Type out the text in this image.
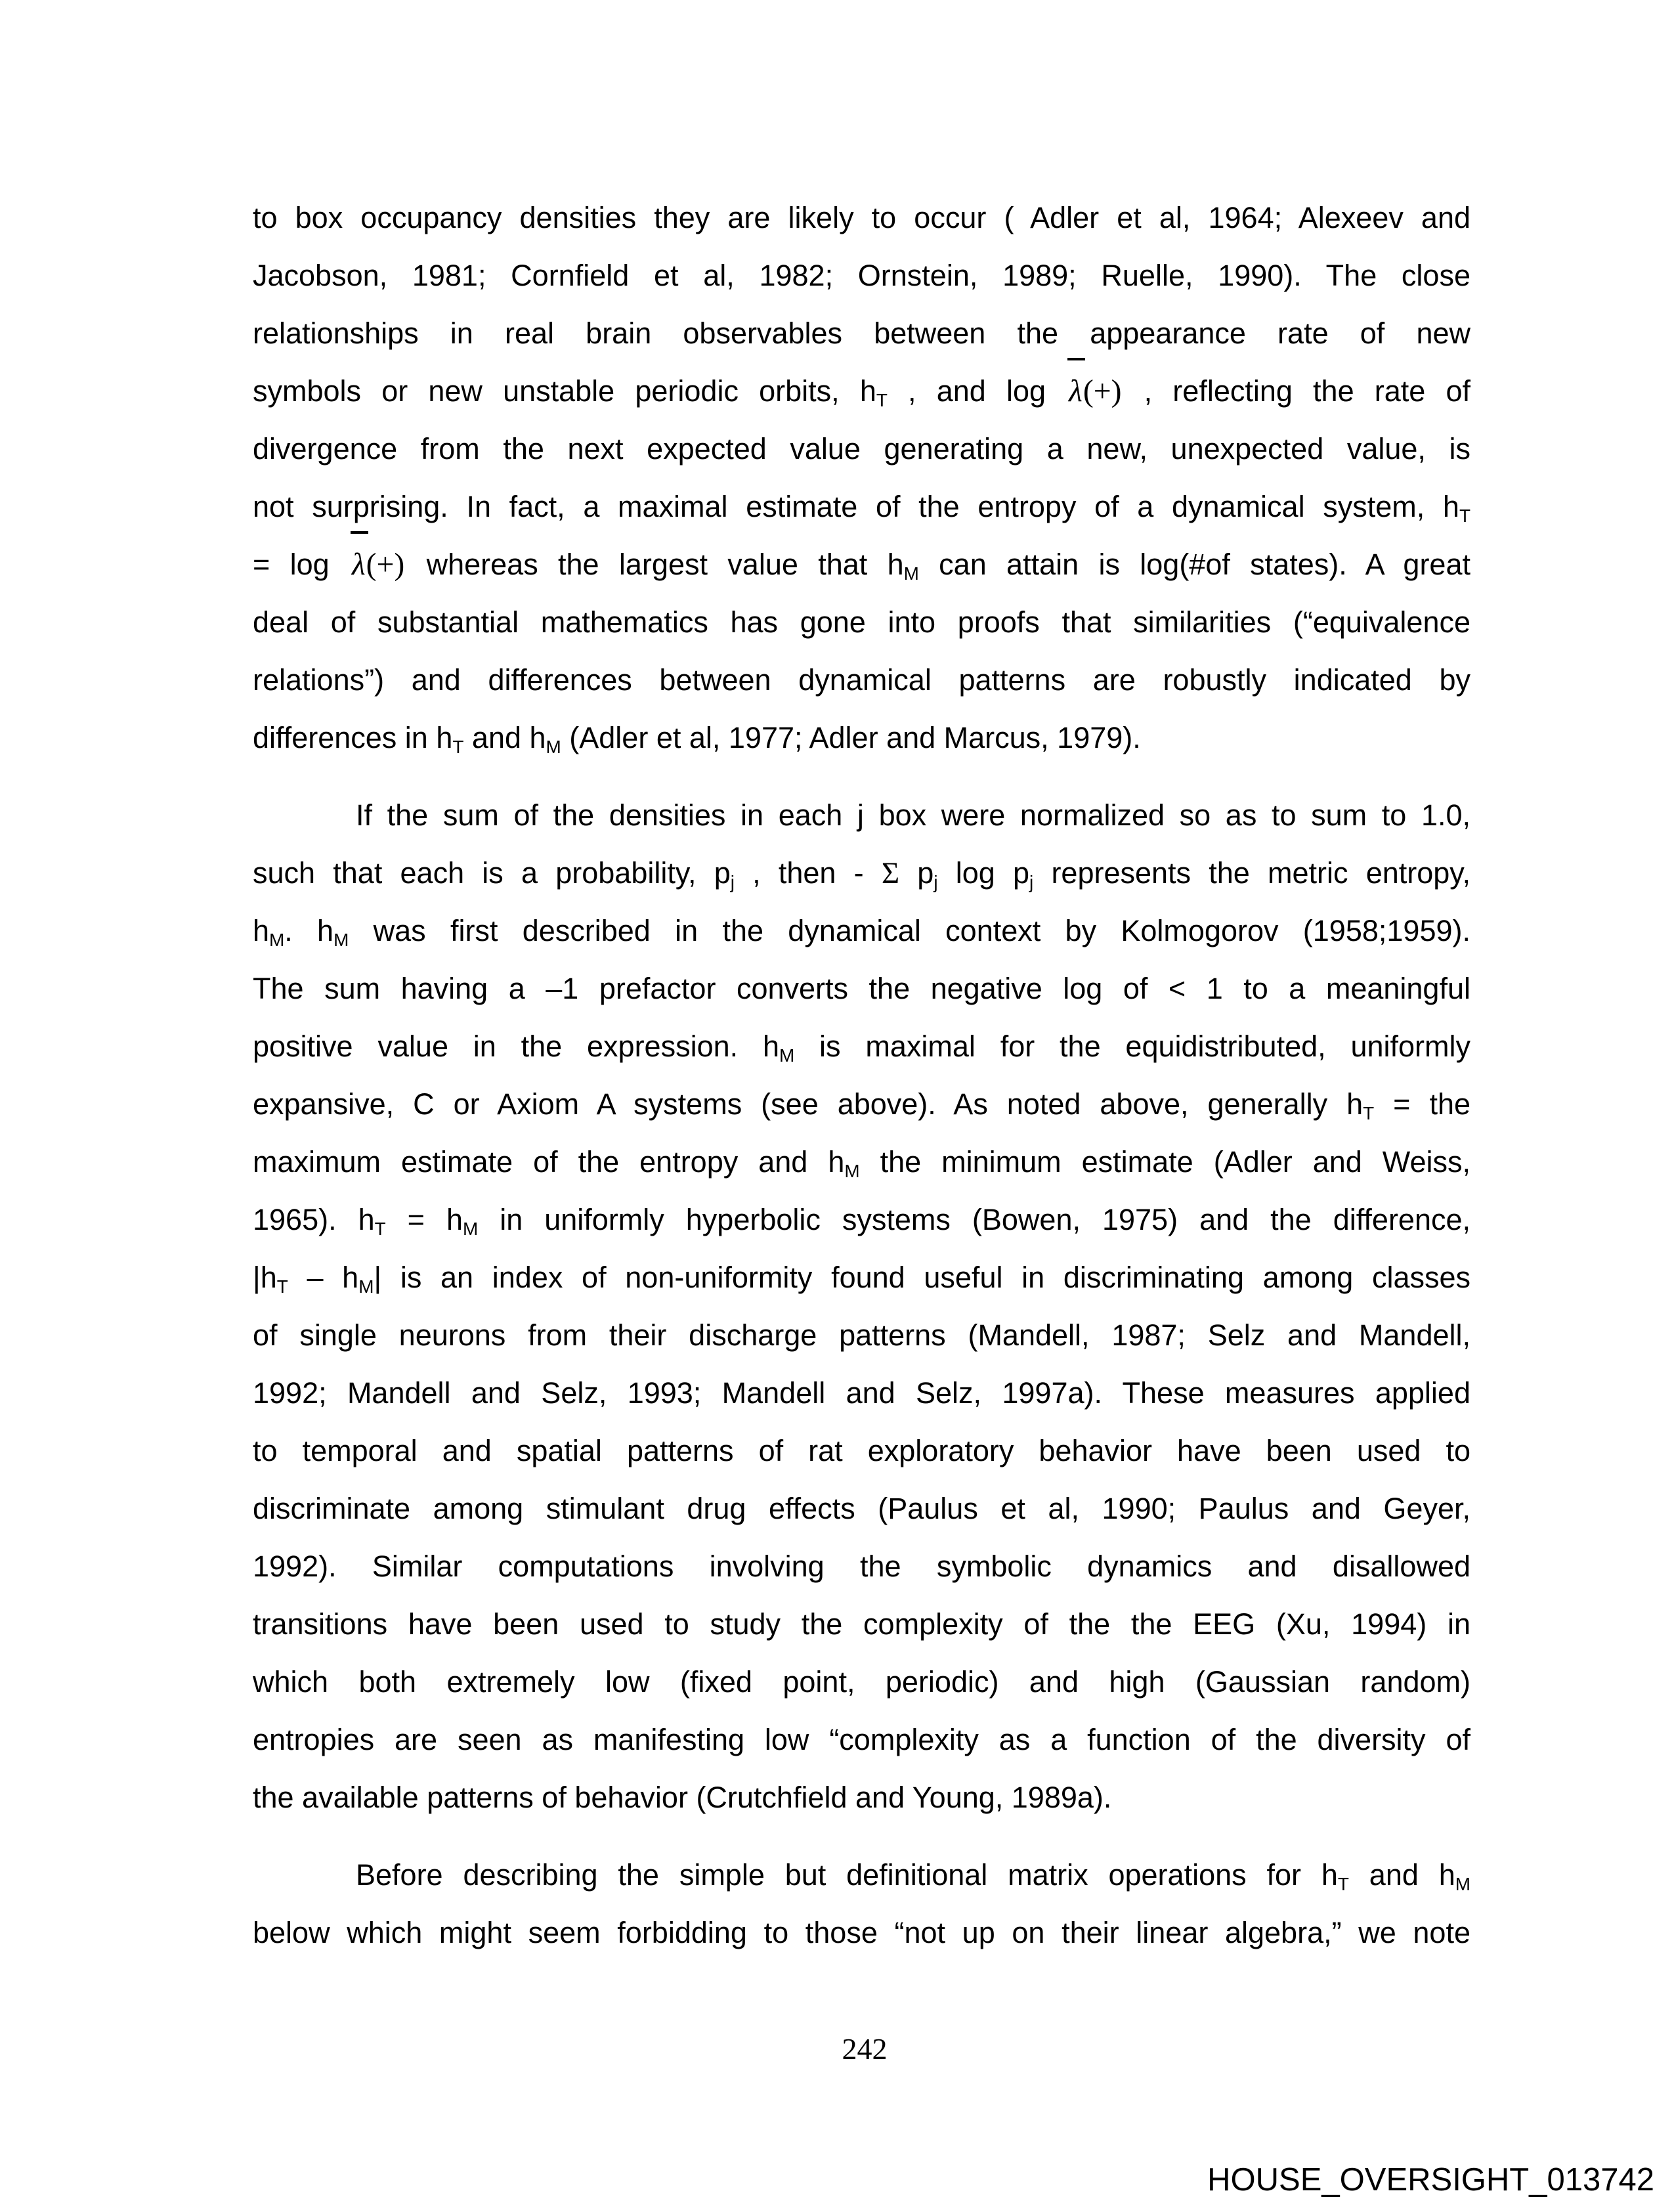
to box occupancy densities they are likely to occur ( Adler et al, 1964; Alexeev and
Jacobson, 1981; Cornfield et al, 1982; Ornstein, 1989; Ruelle, 1990). The close
relationships in real brain observables between the appearance rate of new
symbols or new unstable periodic orbits, hT , and log λ(+) , reflecting the rate of
divergence from the next expected value generating a new, unexpected value, is
not surprising. In fact, a maximal estimate of the entropy of a dynamical system, hT
= log λ(+) whereas the largest value that hM can attain is log(#of states). A great
deal of substantial mathematics has gone into proofs that similarities (“equivalence
relations”) and differences between dynamical patterns are robustly indicated by
differences in hT and hM (Adler et al, 1977; Adler and Marcus, 1979).
If the sum of the densities in each j box were normalized so as to sum to 1.0,
such that each is a probability, pj , then - Σ pj log pj represents the metric entropy,
hM. hM was first described in the dynamical context by Kolmogorov (1958;1959).
The sum having a –1 prefactor converts the negative log of < 1 to a meaningful
positive value in the expression. hM is maximal for the equidistributed, uniformly
expansive, C or Axiom A systems (see above). As noted above, generally hT = the
maximum estimate of the entropy and hM the minimum estimate (Adler and Weiss,
1965). hT = hM in uniformly hyperbolic systems (Bowen, 1975) and the difference,
|hT – hM| is an index of non-uniformity found useful in discriminating among classes
of single neurons from their discharge patterns (Mandell, 1987; Selz and Mandell,
1992; Mandell and Selz, 1993; Mandell and Selz, 1997a). These measures applied
to temporal and spatial patterns of rat exploratory behavior have been used to
discriminate among stimulant drug effects (Paulus et al, 1990; Paulus and Geyer,
1992). Similar computations involving the symbolic dynamics and disallowed
transitions have been used to study the complexity of the the EEG (Xu, 1994) in
which both extremely low (fixed point, periodic) and high (Gaussian random)
entropies are seen as manifesting low “complexity as a function of the diversity of
the available patterns of behavior (Crutchfield and Young, 1989a).
Before describing the simple but definitional matrix operations for hT and hM
below which might seem forbidding to those “not up on their linear algebra,” we note
242
HOUSE_OVERSIGHT_013742
